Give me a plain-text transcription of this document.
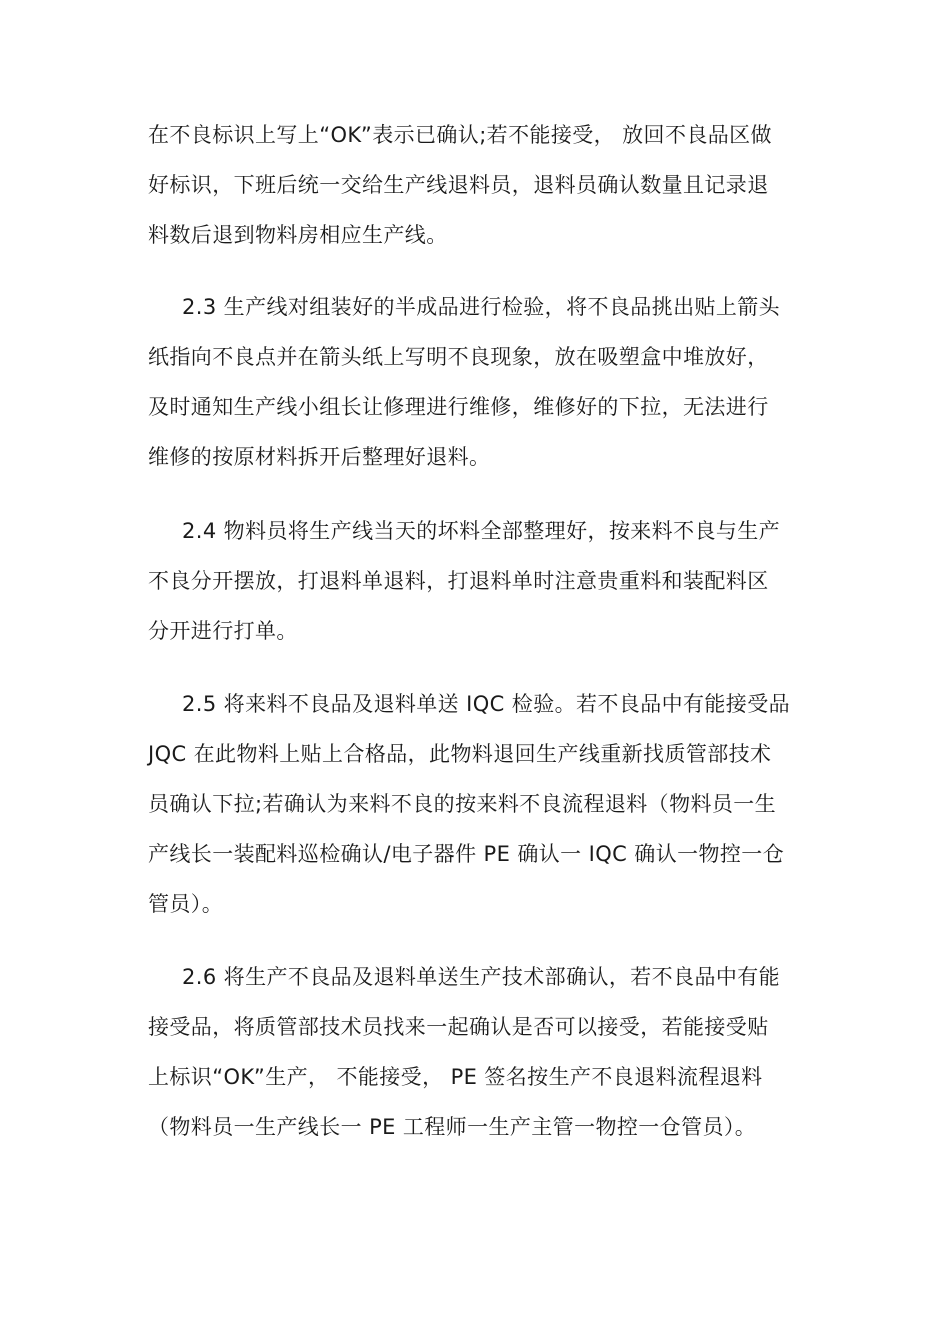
在不良标识上写上“OK”表示已确认;若不能接受， 放回不良品区做
好标识，下班后统一交给生产线退料员，退料员确认数量且记录退
料数后退到物料房相应生产线。

2.3 生产线对组装好的半成品进行检验，将不良品挑出贴上箭头
纸指向不良点并在箭头纸上写明不良现象，放在吸塑盒中堆放好，
及时通知生产线小组长让修理进行维修，维修好的下拉，无法进行
维修的按原材料拆开后整理好退料。

2.4 物料员将生产线当天的坏料全部整理好，按来料不良与生产
不良分开摆放，打退料单退料，打退料单时注意贵重料和装配料区
分开进行打单。

2.5 将来料不良品及退料单送 IQC 检验。若不良品中有能接受品
JQC 在此物料上贴上合格品，此物料退回生产线重新找质管部技术
员确认下拉;若确认为来料不良的按来料不良流程退料（物料员一生
产线长一装配料巡检确认/电子器件 PE 确认一 IQC 确认一物控一仓
管员）。

2.6 将生产不良品及退料单送生产技术部确认，若不良品中有能
接受品，将质管部技术员找来一起确认是否可以接受，若能接受贴
上标识“OK”生产， 不能接受， PE 签名按生产不良退料流程退料
（物料员一生产线长一 PE 工程师一生产主管一物控一仓管员）。
